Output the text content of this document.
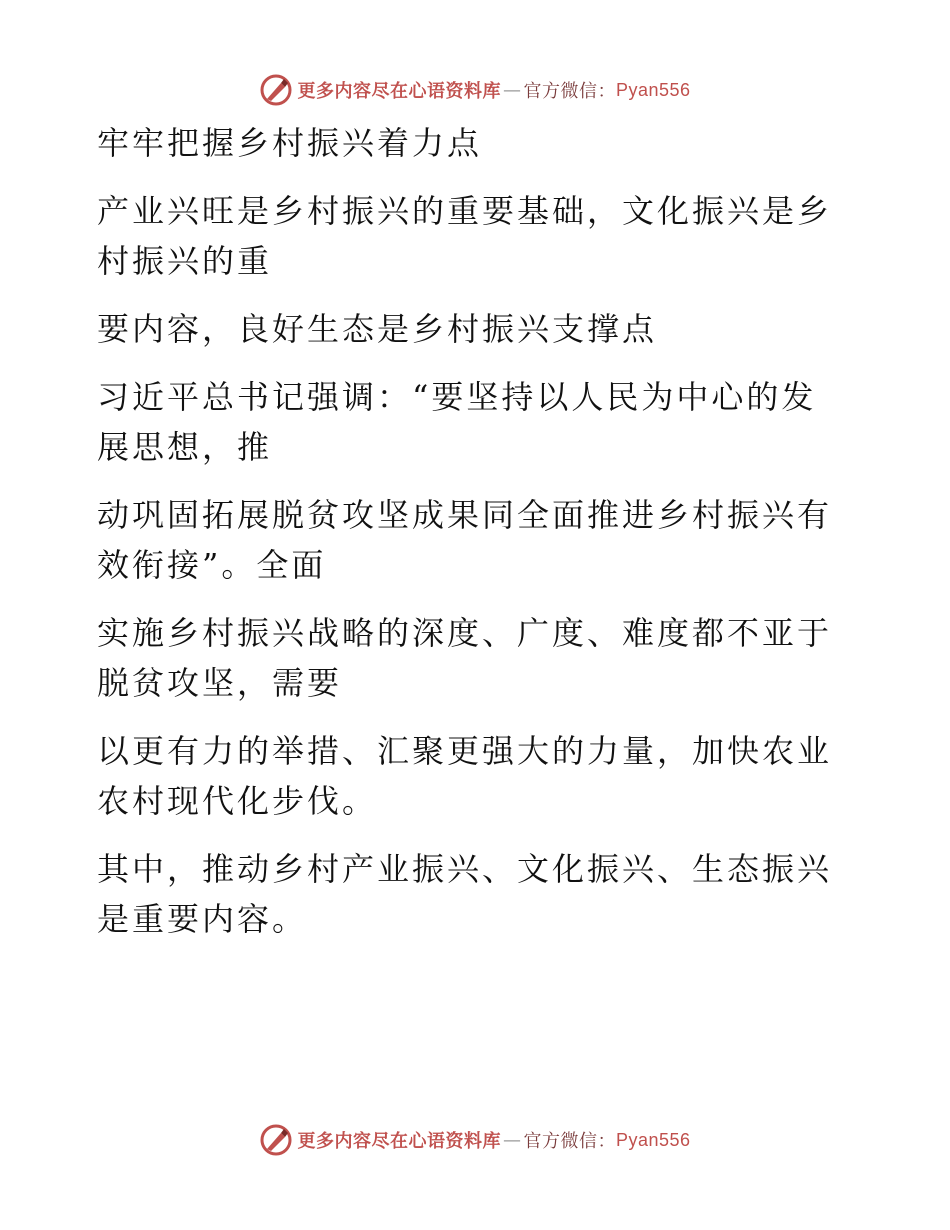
更多内容尽在心语资料库 — 官方微信： Pyan556

牢牢把握乡村振兴着力点

产业兴旺是乡村振兴的重要基础，文化振兴是乡村振兴的重

要内容，良好生态是乡村振兴支撑点

习近平总书记强调：“要坚持以人民为中心的发展思想，推

动巩固拓展脱贫攻坚成果同全面推进乡村振兴有效衔接”。全面

实施乡村振兴战略的深度、广度、难度都不亚于脱贫攻坚，需要

以更有力的举措、汇聚更强大的力量，加快农业农村现代化步伐。

其中，推动乡村产业振兴、文化振兴、生态振兴是重要内容。

更多内容尽在心语资料库 — 官方微信： Pyan556
